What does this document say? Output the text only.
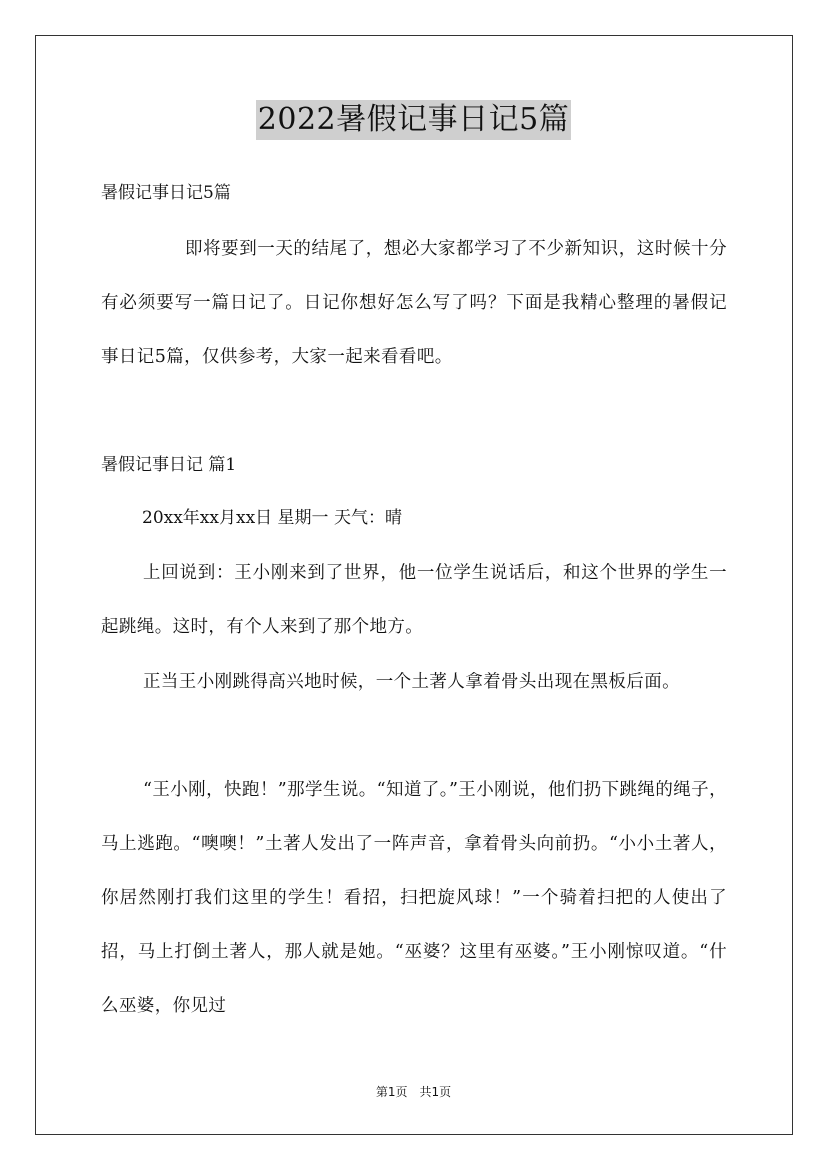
2022暑假记事日记5篇
暑假记事日记5篇
即将要到一天的结尾了，想必大家都学习了不少新知识，这时候十分有必须要写一篇日记了。日记你想好怎么写了吗？下面是我精心整理的暑假记事日记5篇，仅供参考，大家一起来看看吧。
暑假记事日记 篇1
20xx年xx月xx日 星期一 天气：晴
上回说到：王小刚来到了世界，他一位学生说话后，和这个世界的学生一起跳绳。这时，有个人来到了那个地方。
正当王小刚跳得高兴地时候，一个土著人拿着骨头出现在黑板后面。
“王小刚，快跑！”那学生说。“知道了。”王小刚说，他们扔下跳绳的绳子，马上逃跑。“噢噢！”土著人发出了一阵声音，拿着骨头向前扔。“小小土著人，你居然刚打我们这里的学生！看招，扫把旋风球！”一个骑着扫把的人使出了招，马上打倒土著人，那人就是她。“巫婆？这里有巫婆。”王小刚惊叹道。“什么巫婆，你见过
第1页　共1页
